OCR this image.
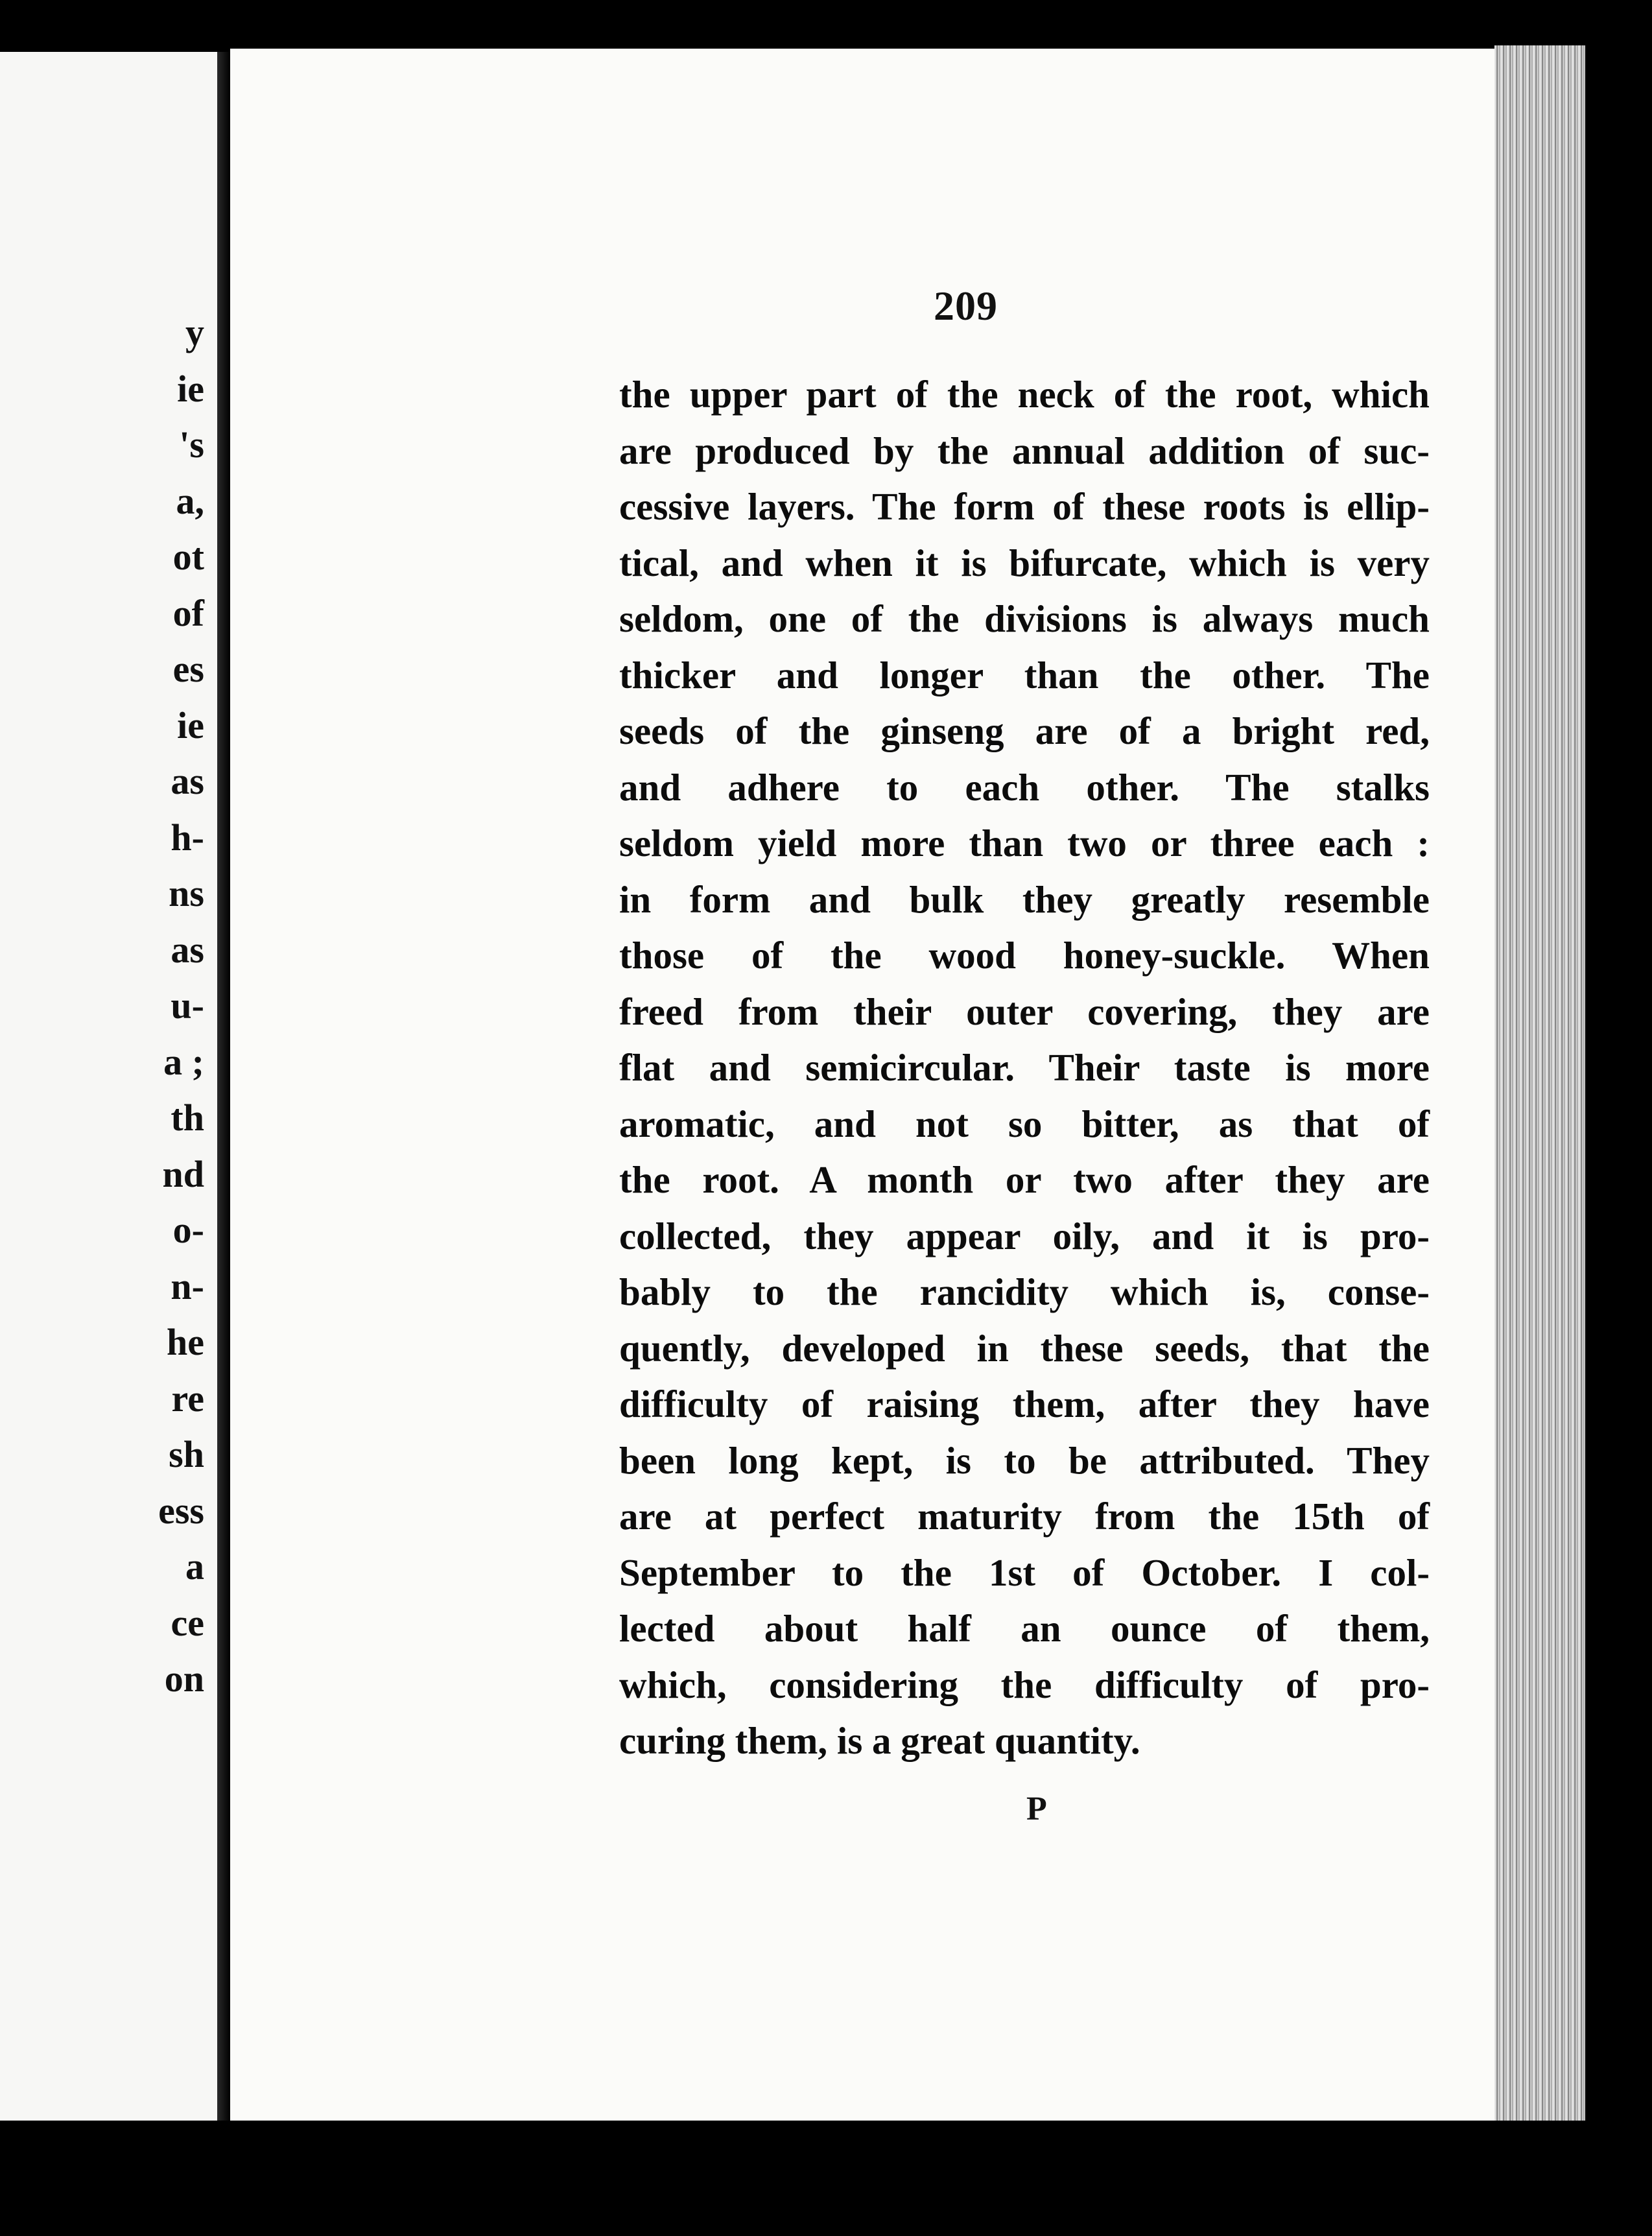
y
ie
's
a,
ot
of
es
ie
as
h-
ns
as
u-
a ;
th
nd
o-
n-
he
re
sh
ess
a
ce
on
209
the upper part of the neck of the root, which
are produced by the annual addition of suc-
cessive layers. The form of these roots is ellip-
tical, and when it is bifurcate, which is very
seldom, one of the divisions is always much
thicker and longer than the other. The
seeds of the ginseng are of a bright red,
and adhere to each other. The stalks
seldom yield more than two or three each :
in form and bulk they greatly resemble
those of the wood honey-suckle. When
freed from their outer covering, they are
flat and semicircular. Their taste is more
aromatic, and not so bitter, as that of
the root. A month or two after they are
collected, they appear oily, and it is pro-
bably to the rancidity which is, conse-
quently, developed in these seeds, that the
difficulty of raising them, after they have
been long kept, is to be attributed. They
are at perfect maturity from the 15th of
September to the 1st of October. I col-
lected about half an ounce of them,
which, considering the difficulty of pro-
curing them, is a great quantity.
P
